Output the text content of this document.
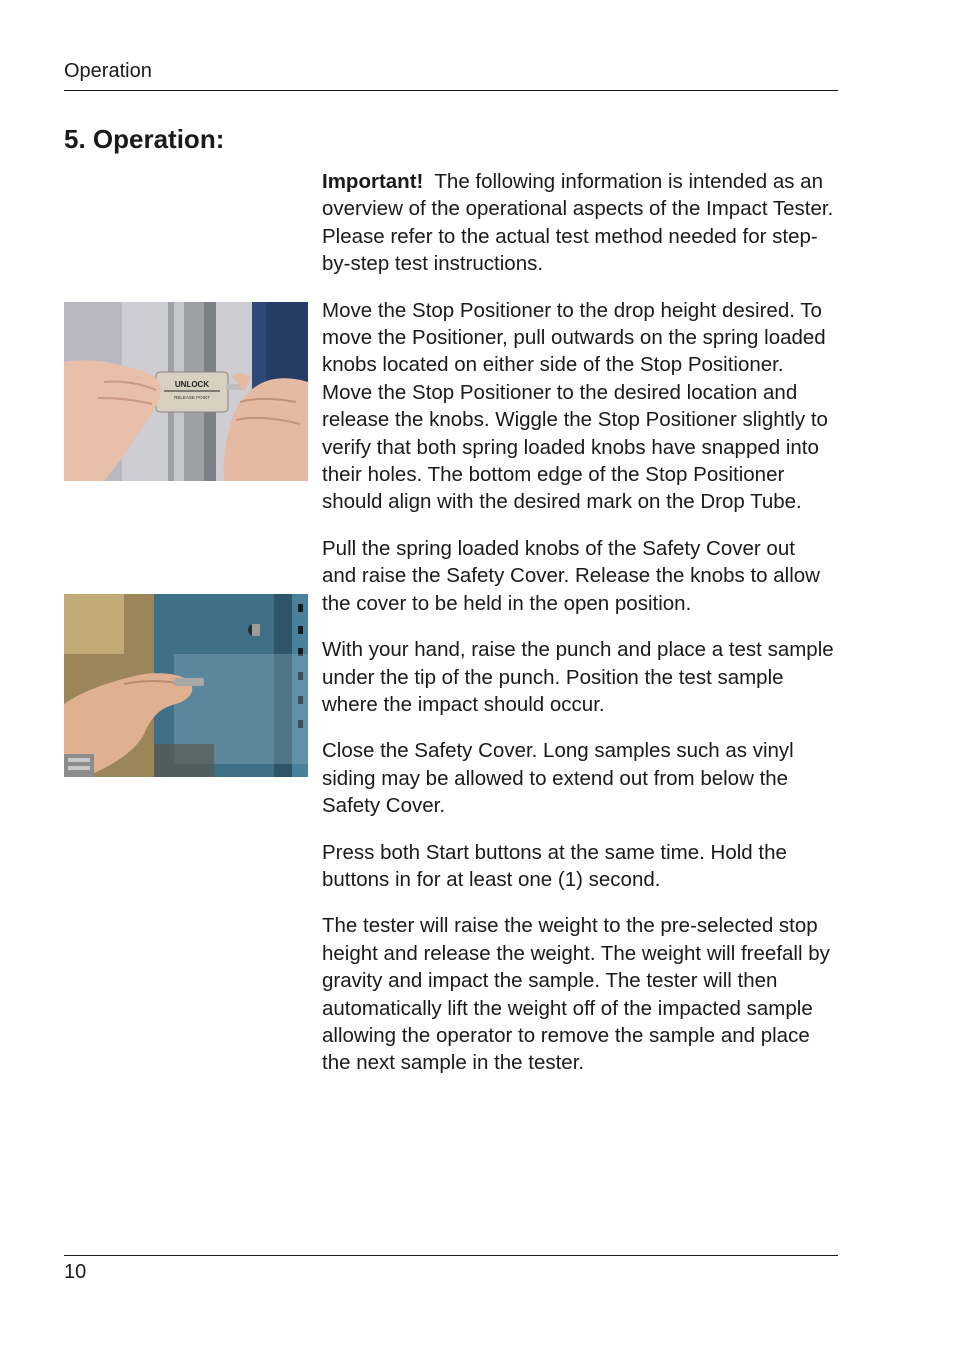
Operation
5. Operation:
UNLOCK
RELEASE POINT

Important! The following information is intended as an overview of the operational aspects of the Impact Tester. Please refer to the actual test method needed for step-by-step test instructions.

Move the Stop Positioner to the drop height desired. To move the Positioner, pull outwards on the spring loaded knobs located on either side of the Stop Positioner. Move the Stop Positioner to the desired location and release the knobs. Wiggle the Stop Positioner slightly to verify that both spring loaded knobs have snapped into their holes. The bottom edge of the Stop Positioner should align with the desired mark on the Drop Tube.

Pull the spring loaded knobs of the Safety Cover out and raise the Safety Cover. Release the knobs to allow the cover to be held in the open position.

With your hand, raise the punch and place a test sample under the tip of the punch. Position the test sample where the impact should occur.

Close the Safety Cover. Long samples such as vinyl siding may be allowed to extend out from below the Safety Cover.

Press both Start buttons at the same time. Hold the buttons in for at least one (1) second.

The tester will raise the weight to the pre-selected stop height and release the weight. The weight will freefall by gravity and impact the sample. The tester will then automatically lift the weight off of the impacted sample allowing the operator to remove the sample and place the next sample in the tester.

10
